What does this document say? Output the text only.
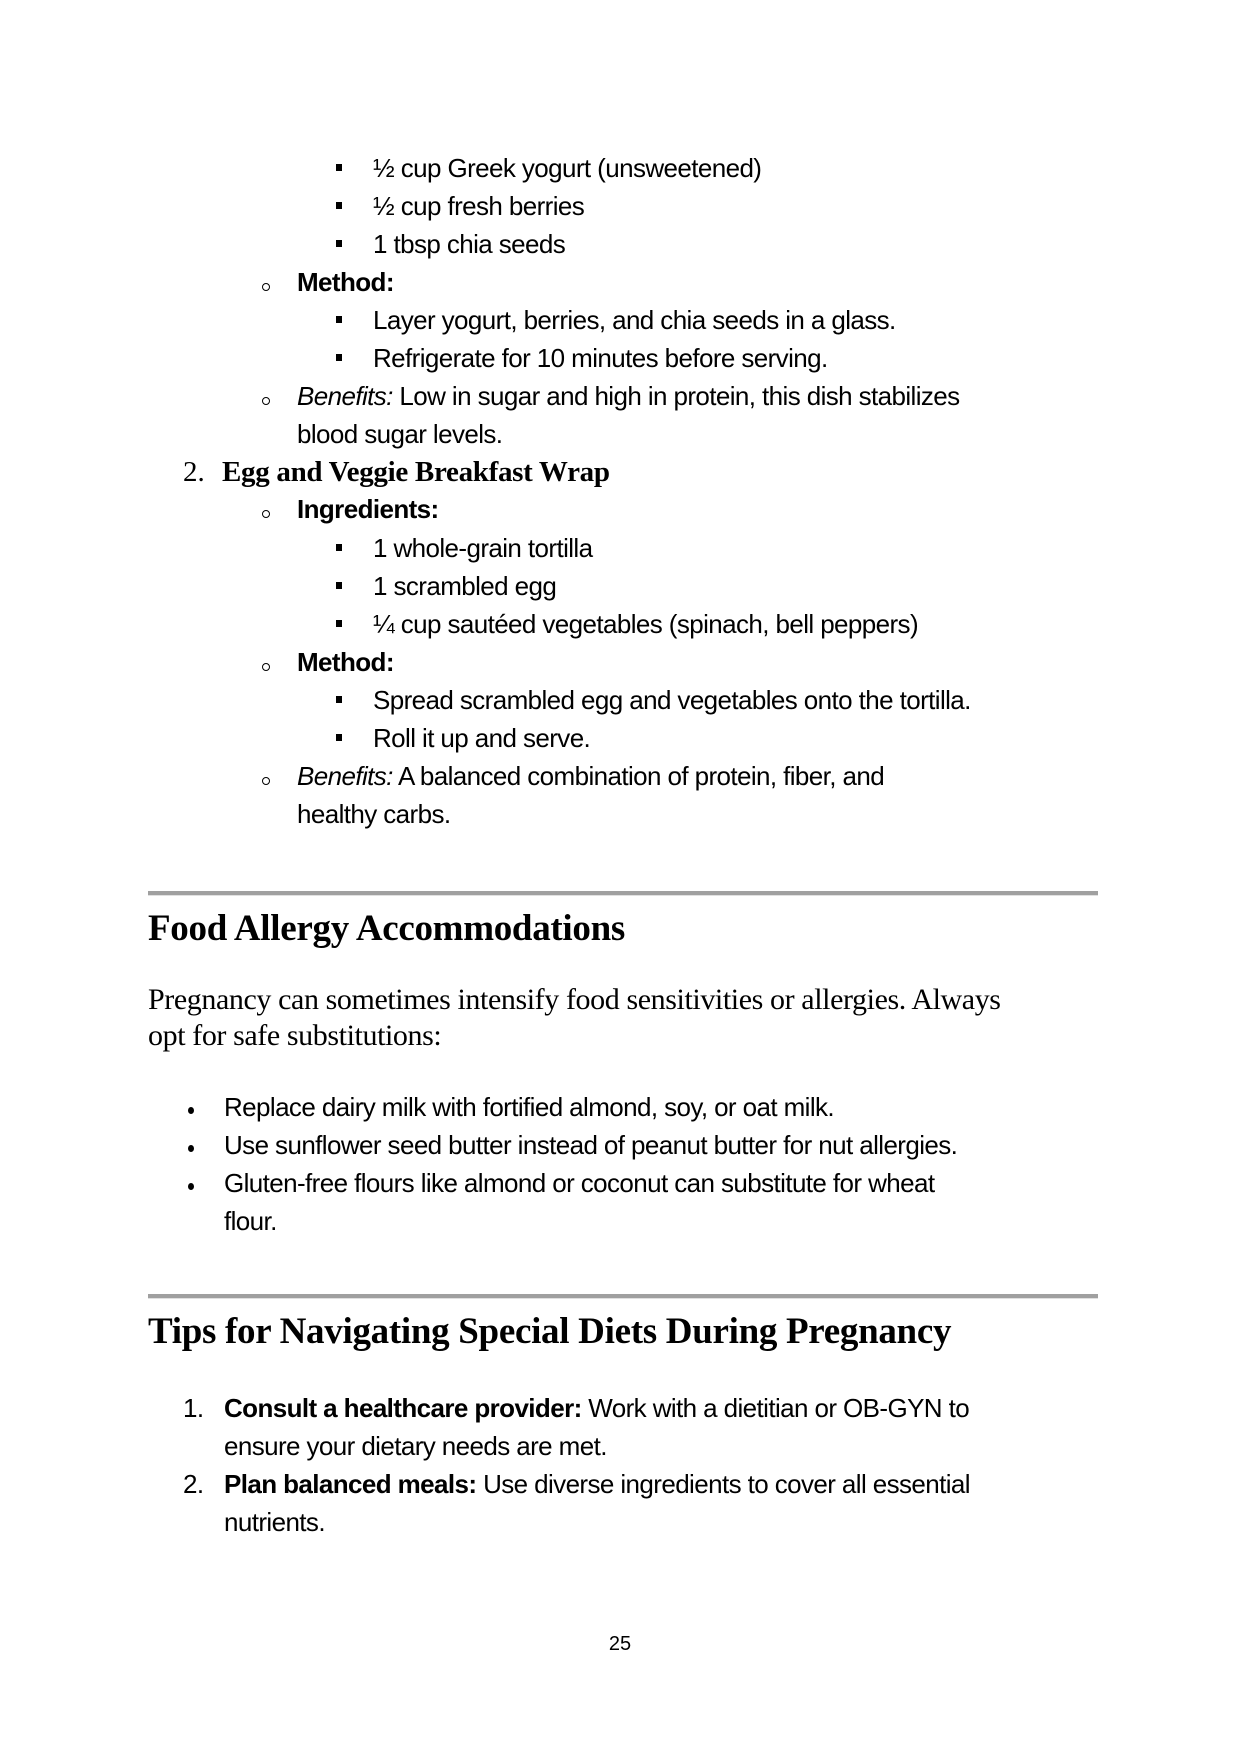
½ cup Greek yogurt (unsweetened)
½ cup fresh berries
1 tbsp chia seeds
Method:
Layer yogurt, berries, and chia seeds in a glass.
Refrigerate for 10 minutes before serving.
Benefits: Low in sugar and high in protein, this dish stabilizes
blood sugar levels.
2. Egg and Veggie Breakfast Wrap
Ingredients:
1 whole-grain tortilla
1 scrambled egg
¼ cup sautéed vegetables (spinach, bell peppers)
Method:
Spread scrambled egg and vegetables onto the tortilla.
Roll it up and serve.
Benefits: A balanced combination of protein, fiber, and
healthy carbs.
Food Allergy Accommodations
Pregnancy can sometimes intensify food sensitivities or allergies. Always
opt for safe substitutions:
Replace dairy milk with fortified almond, soy, or oat milk.
Use sunflower seed butter instead of peanut butter for nut allergies.
Gluten-free flours like almond or coconut can substitute for wheat
flour.
Tips for Navigating Special Diets During Pregnancy
1. Consult a healthcare provider: Work with a dietitian or OB-GYN to
ensure your dietary needs are met.
2. Plan balanced meals: Use diverse ingredients to cover all essential
nutrients.
25
